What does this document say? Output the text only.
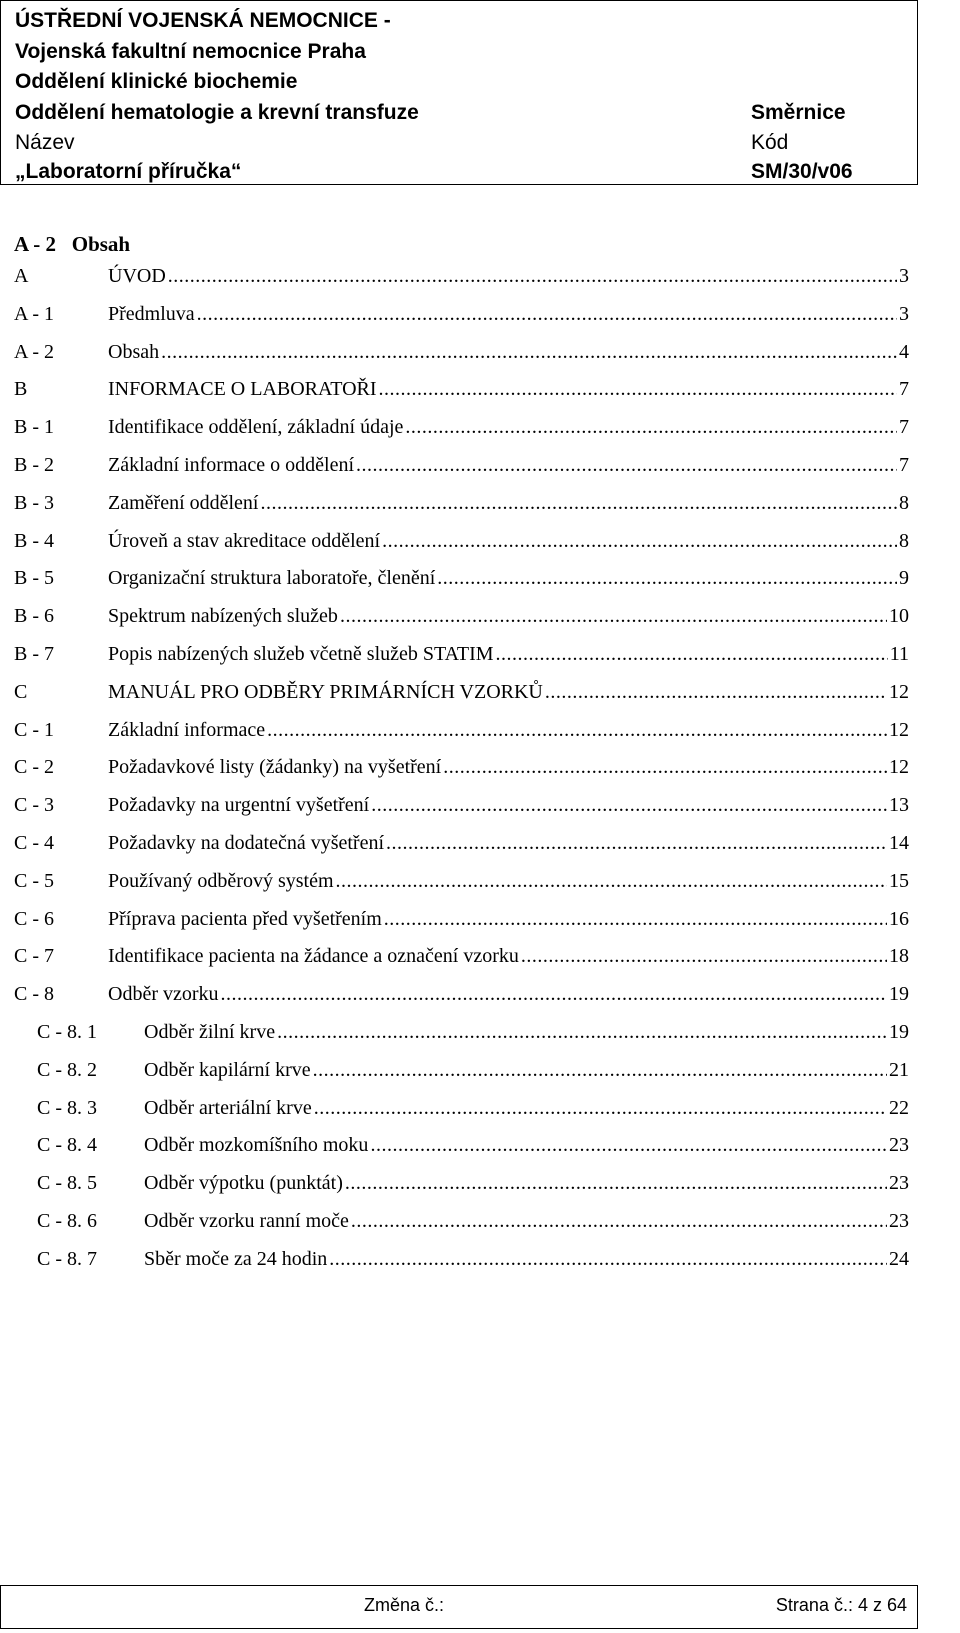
ÚSTŘEDNÍ VOJENSKÁ NEMOCNICE -
Vojenská fakultní nemocnice Praha
Oddělení klinické biochemie
Oddělení hematologie a krevní transfuze	Směrnice
Název	Kód
„Laboratorní příručka“	SM/30/v06
A - 2   Obsah
A	ÚVOD .....	3
A - 1	Předmluva .....	3
A - 2	Obsah .....	4
B	INFORMACE O LABORATOŘI .....	7
B - 1	Identifikace oddělení, základní údaje .....	7
B - 2	Základní informace o oddělení .....	7
B - 3	Zaměření oddělení .....	8
B - 4	Úroveň a stav akreditace oddělení .....	8
B - 5	Organizační struktura laboratoře, členění .....	9
B - 6	Spektrum nabízených služeb .....	10
B - 7	Popis nabízených služeb včetně služeb STATIM .....	11
C	MANUÁL PRO ODBĚRY PRIMÁRNÍCH VZORKŮ .....	12
C - 1	Základní informace .....	12
C - 2	Požadavkové listy (žádanky) na vyšetření .....	12
C - 3	Požadavky na urgentní vyšetření .....	13
C - 4	Požadavky na dodatečná vyšetření .....	14
C - 5	Používaný odběrový systém .....	15
C - 6	Příprava pacienta před vyšetřením .....	16
C - 7	Identifikace pacienta na žádance a označení vzorku .....	18
C - 8	Odběr vzorku .....	19
C - 8. 1	Odběr žilní krve .....	19
C - 8. 2	Odběr kapilární krve .....	21
C - 8. 3	Odběr arteriální krve .....	22
C - 8. 4	Odběr mozkomíšního moku .....	23
C - 8. 5	Odběr výpotku (punktát) .....	23
C - 8. 6	Odběr vzorku ranní moče .....	23
C - 8. 7	Sběr moče za 24 hodin .....	24
Změna č.:	Strana č.: 4 z 64
